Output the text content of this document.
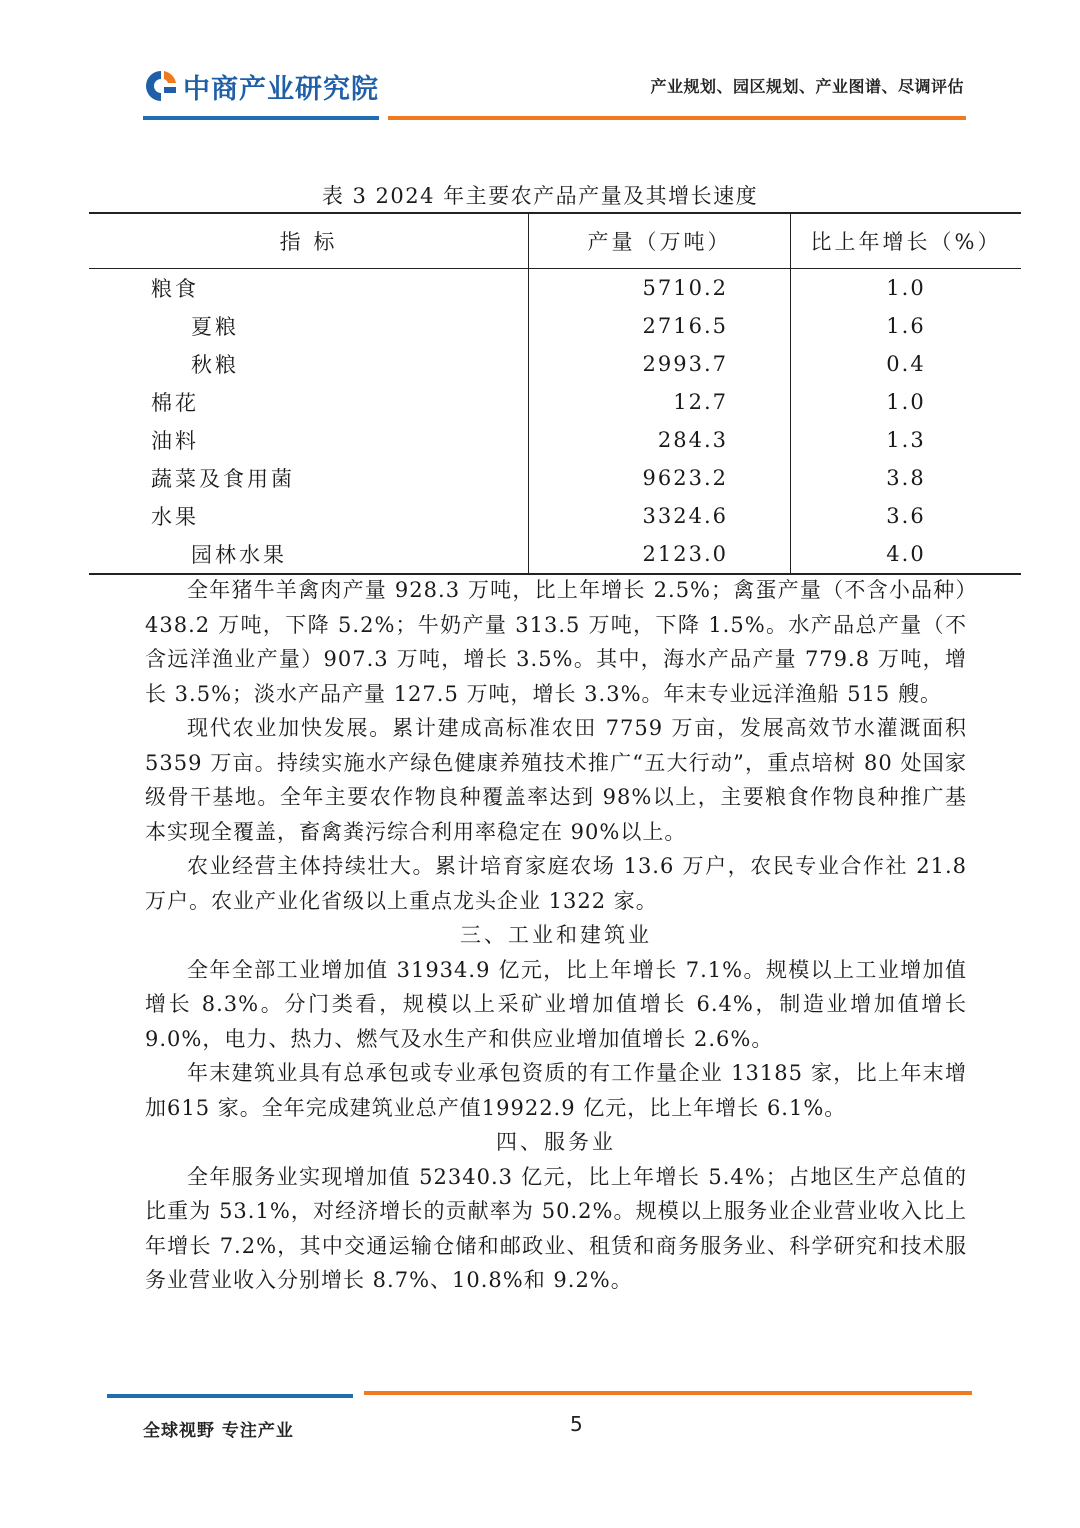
中商产业研究院	产业规划、园区规划、产业图谱、尽调评估
表 3 2024 年主要农产品产量及其增长速度
指 标	产量（万吨）	比上年增长（%）
粮食	5710.2	1.0
夏粮	2716.5	1.6
秋粮	2993.7	0.4
棉花	12.7	1.0
油料	284.3	1.3
蔬菜及食用菌	9623.2	3.8
水果	3324.6	3.6
园林水果	2123.0	4.0

全年猪牛羊禽肉产量 928.3 万吨，比上年增长 2.5%；禽蛋产量（不含小品种）438.2 万吨，下降 5.2%；牛奶产量 313.5 万吨，下降 1.5%。水产品总产量（不含远洋渔业产量）907.3 万吨，增长 3.5%。其中，海水产品产量 779.8 万吨，增长 3.5%；淡水产品产量 127.5 万吨，增长 3.3%。年末专业远洋渔船 515 艘。

现代农业加快发展。累计建成高标准农田 7759 万亩，发展高效节水灌溉面积 5359 万亩。持续实施水产绿色健康养殖技术推广“五大行动”，重点培树 80 处国家级骨干基地。全年主要农作物良种覆盖率达到 98%以上，主要粮食作物良种推广基本实现全覆盖，畜禽粪污综合利用率稳定在 90%以上。

农业经营主体持续壮大。累计培育家庭农场 13.6 万户，农民专业合作社 21.8 万户。农业产业化省级以上重点龙头企业 1322 家。

三、工业和建筑业

全年全部工业增加值 31934.9 亿元，比上年增长 7.1%。规模以上工业增加值增长 8.3%。分门类看，规模以上采矿业增加值增长 6.4%，制造业增加值增长 9.0%，电力、热力、燃气及水生产和供应业增加值增长 2.6%。

年末建筑业具有总承包或专业承包资质的有工作量企业 13185 家，比上年末增加615 家。全年完成建筑业总产值19922.9 亿元，比上年增长 6.1%。

四、服务业

全年服务业实现增加值 52340.3 亿元，比上年增长 5.4%；占地区生产总值的比重为 53.1%，对经济增长的贡献率为 50.2%。规模以上服务业企业营业收入比上年增长 7.2%，其中交通运输仓储和邮政业、租赁和商务服务业、科学研究和技术服务业营业收入分别增长 8.7%、10.8%和 9.2%。

全球视野 专注产业	5
